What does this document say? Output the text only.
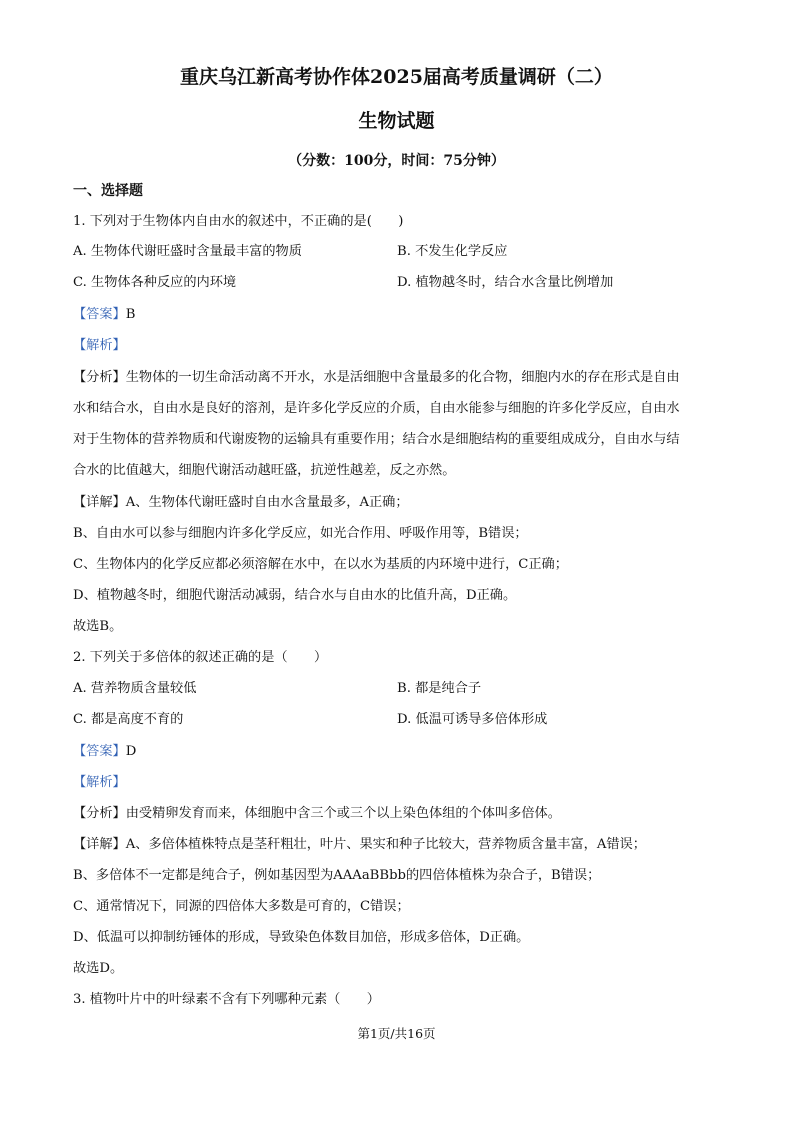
重庆乌江新高考协作体2025届高考质量调研（二）
生物试题
（分数：100分，时间：75分钟）
一、选择题
1. 下列对于生物体内自由水的叙述中，不正确的是(　　)
A. 生物体代谢旺盛时含量最丰富的物质	B. 不发生化学反应
C. 生物体各种反应的内环境	D. 植物越冬时，结合水含量比例增加
【答案】B
【解析】
【分析】生物体的一切生命活动离不开水，水是活细胞中含量最多的化合物，细胞内水的存在形式是自由
水和结合水，自由水是良好的溶剂，是许多化学反应的介质，自由水能参与细胞的许多化学反应，自由水
对于生物体的营养物质和代谢废物的运输具有重要作用；结合水是细胞结构的重要组成成分，自由水与结
合水的比值越大，细胞代谢活动越旺盛，抗逆性越差，反之亦然。
【详解】A、生物体代谢旺盛时自由水含量最多，A正确；
B、自由水可以参与细胞内许多化学反应，如光合作用、呼吸作用等，B错误；
C、生物体内的化学反应都必须溶解在水中，在以水为基质的内环境中进行，C正确；
D、植物越冬时，细胞代谢活动减弱，结合水与自由水的比值升高，D正确。
故选B。
2. 下列关于多倍体的叙述正确的是（　　）
A. 营养物质含量较低	B. 都是纯合子
C. 都是高度不育的	D. 低温可诱导多倍体形成
【答案】D
【解析】
【分析】由受精卵发育而来，体细胞中含三个或三个以上染色体组的个体叫多倍体。
【详解】A、多倍体植株特点是茎秆粗壮，叶片、果实和种子比较大，营养物质含量丰富，A错误；
B、多倍体不一定都是纯合子，例如基因型为AAAaBBbb的四倍体植株为杂合子，B错误；
C、通常情况下，同源的四倍体大多数是可育的，C错误；
D、低温可以抑制纺锤体的形成，导致染色体数目加倍，形成多倍体，D正确。
故选D。
3. 植物叶片中的叶绿素不含有下列哪种元素（　　）
第1页/共16页
